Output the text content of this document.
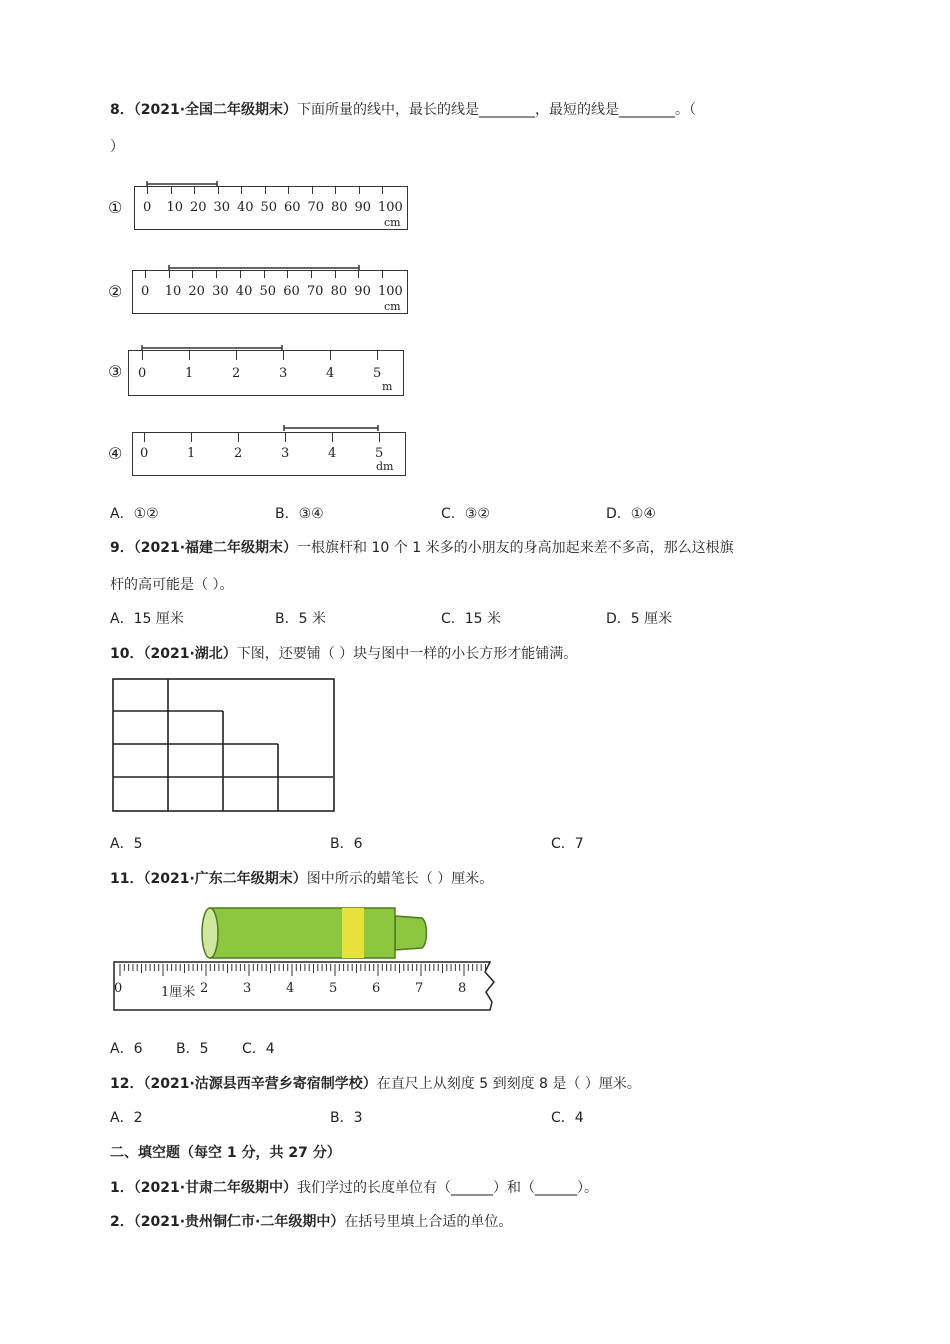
8．（2021·全国二年级期末）下面所量的线中，最长的线是________，最短的线是________。（
）
① 0 10 20 30 40 50 60 70 80 90 100
cm
② 0 10 20 30 40 50 60 70 80 90 100
cm
③ 0	1	2	3	4	5
m
④ 0	1	2	3	4	5
dm
A．①②	B．③④	C．③②	D．①④
9．（2021·福建二年级期末）一根旗杆和 10 个 1 米多的小朋友的身高加起来差不多高，那么这根旗
杆的高可能是（ ）。
A．15 厘米	B．5 米	C．15 米	D．5 厘米
10．（2021·湖北）下图，还要铺（ ）块与图中一样的小长方形才能铺满。
A．5	B．6	C．7
11．（2021·广东二年级期末）图中所示的蜡笔长（ ）厘米。
A．6 B．5 C．4
12．（2021·沽源县西辛营乡寄宿制学校）在直尺上从刻度 5 到刻度 8 是（ ）厘米。
A．2	B．3	C．4
二、填空题（每空 1 分，共 27 分）
1．（2021·甘肃二年级期中）我们学过的长度单位有（______）和（______）。
2．（2021·贵州铜仁市·二年级期中）在括号里填上合适的单位。
0	1厘米 2	3	4	5	6	7	8
